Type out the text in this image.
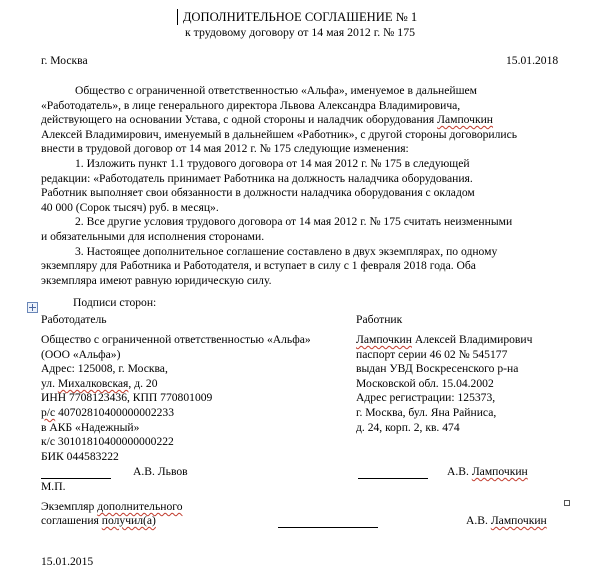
ДОПОЛНИТЕЛЬНОЕ СОГЛАШЕНИЕ № 1
к трудовому договору от 14 мая 2012 г. № 175
г. Москва	15.01.2018
Общество с ограниченной ответственностью «Альфа», именуемое в дальнейшем
«Работодатель», в лице генерального директора Львова Александра Владимировича,
действующего на основании Устава, с одной стороны и наладчик оборудования Лампочкин
Алексей Владимирович, именуемый в дальнейшем «Работник», с другой стороны договорились
внести в трудовой договор от 14 мая 2012 г. № 175 следующие изменения:
1. Изложить пункт 1.1 трудового договора от 14 мая 2012 г. № 175 в следующей
редакции: «Работодатель принимает Работника на должность наладчика оборудования.
Работник выполняет свои обязанности в должности наладчика оборудования с окладом
40 000 (Сорок тысяч) руб. в месяц».
2. Все другие условия трудового договора от 14 мая 2012 г. № 175 считать неизменными
и обязательными для исполнения сторонами.
3. Настоящее дополнительное соглашение составлено в двух экземплярах, по одному
экземпляру для Работника и Работодателя, и вступает в силу с 1 февраля 2018 года. Оба
экземпляра имеют равную юридическую силу.
Подписи сторон:
Работодатель	Работник
Общество с ограниченной ответственностью «Альфа»
(ООО «Альфа»)
Адрес: 125008, г. Москва,
ул. Михалковская, д. 20
ИНН 7708123436, КПП 770801009
р/с 40702810400000002233
в АКБ «Надежный»
к/с 30101810400000000222
БИК 044583222
Лампочкин Алексей Владимирович
паспорт серии 46 02 № 545177
выдан УВД Воскресенского р-на
Московской обл. 15.04.2002
Адрес регистрации: 125373,
г. Москва, бул. Яна Райниса,
д. 24, корп. 2, кв. 474
А.В. Львов
М.П.
А.В. Лампочкин
Экземпляр дополнительного
соглашения получил(а)	А.В. Лампочкин
15.01.2015
